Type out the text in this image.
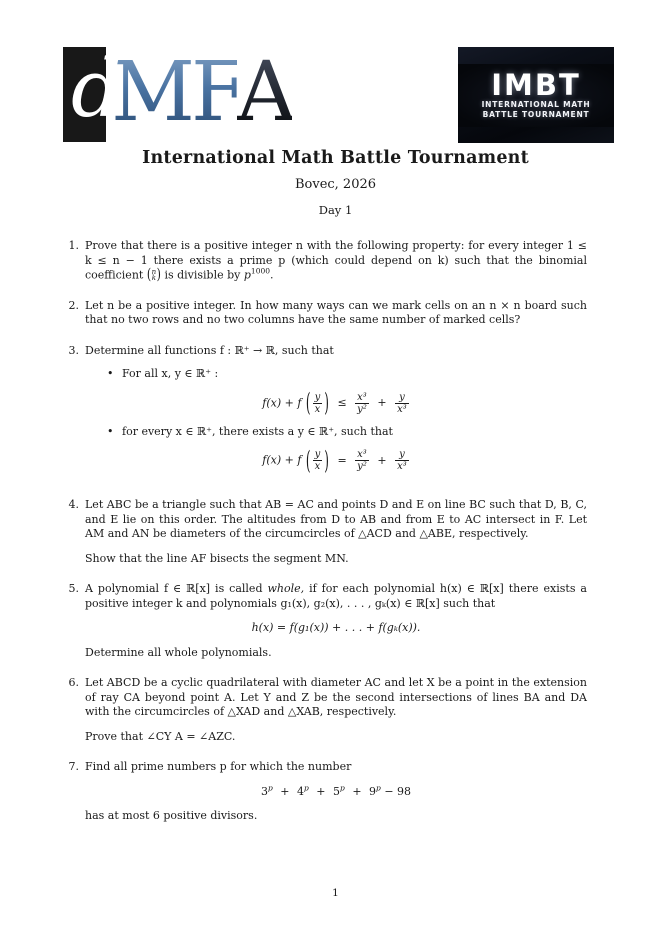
d
MFA	IMBT
INTERNATIONAL MATH
BATTLE TOURNAMENT
International Math Battle Tournament
Bovec, 2026
Day 1
1. Prove that there is a positive integer n with the following property: for every integer 1 ≤ k ≤ n − 1 there exists a prime p (which could depend on k) such that the binomial coefficient ( n
k ) is divisible by $p^{1000}$.

2. Let n be a positive integer. In how many ways can we mark cells on an n × n board such that no two rows and no two columns have the same number of marked cells?

3. Determine all functions f : ℝ⁺ → ℝ, such that

• For all x, y ∈ ℝ⁺ :
f(x) + f ( $\frac{y}{x}$ ) ≤ $\frac{\text{x³}}{\text{y²}} + \frac{y}{\text{x³}}$
• for every x ∈ ℝ⁺, there exists a y ∈ ℝ⁺, such that
f(x) + f ( $\frac{y}{x}$ ) = $\frac{\text{x³}}{\text{y²}} + \frac{y}{\text{x³}}$
4. Let ABC be a triangle such that AB = AC and points D and E on line BC such that D, B, C, and E lie on this order. The altitudes from D to AB and from E to AC intersect in F. Let AM and AN be diameters of the circumcircles of △ACD and △ABE, respectively.

Show that the line AF bisects the segment MN.

5. A polynomial f ∈ ℝ[x] is called whole, if for each polynomial h(x) ∈ ℝ[x] there exists a positive integer k and polynomials g₁(x), g₂(x), . . . , gₖ(x) ∈ ℝ[x] such that

h(x) = f(g₁(x)) + . . . + f(gₖ(x)).

Determine all whole polynomials.

6. Let ABCD be a cyclic quadrilateral with diameter AC and let X be a point in the extension of ray CA beyond point A. Let Y and Z be the second intersections of lines BA and DA with the circumcircles of △XAD and △XAB, respectively.

Prove that ∠CY A = ∠AZC.

7. Find all prime numbers p for which the number

$3^p + 4^p + 5^p + 9^p - 98$

has at most 6 positive divisors.

1
